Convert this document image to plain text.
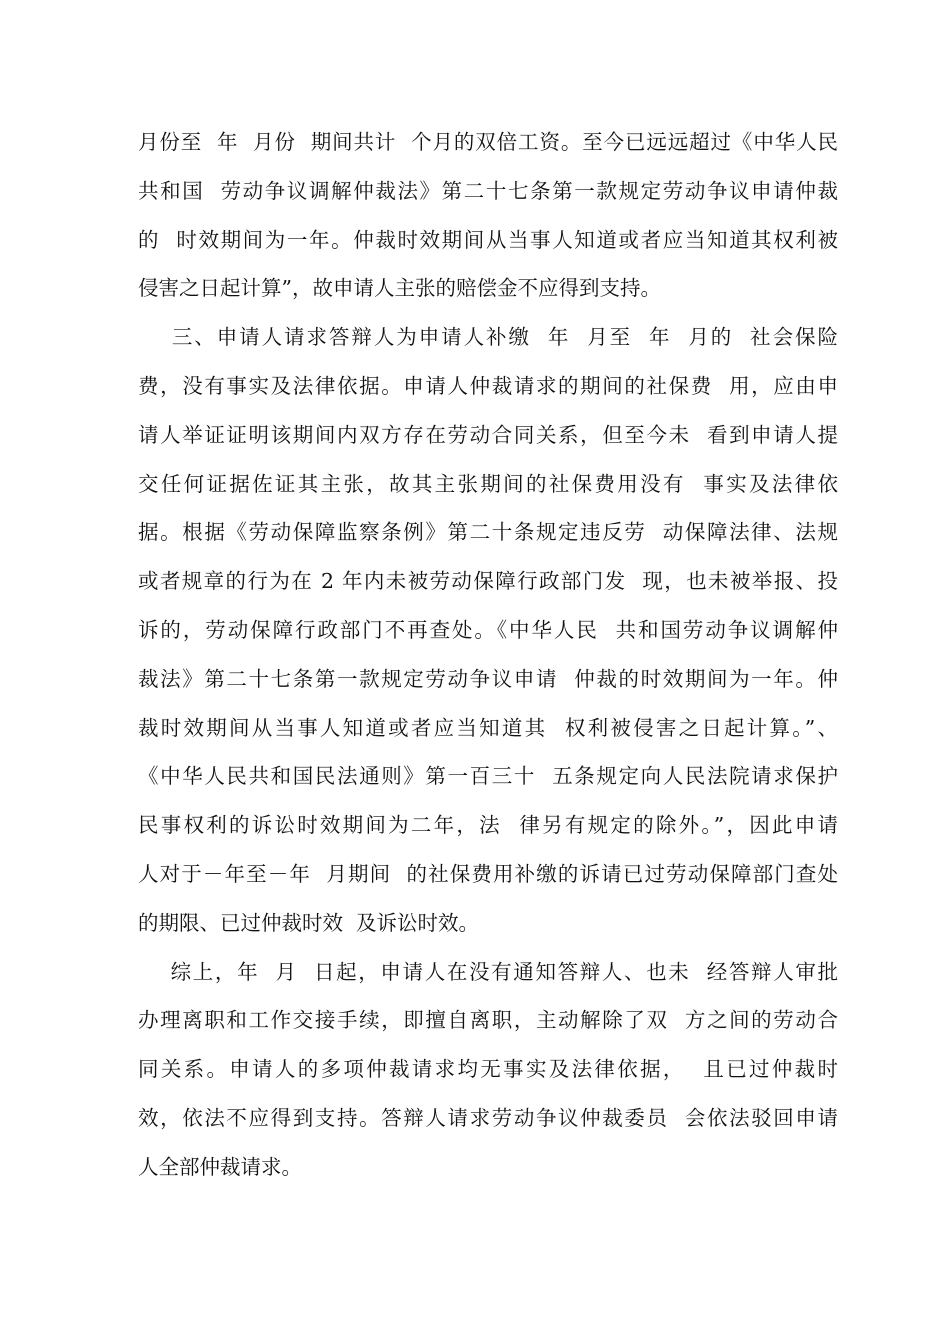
月份至  年  月份  期间共计  个月的双倍工资。至今已远远超过《中华人民
共和国  劳动争议调解仲裁法》第二十七条第一款规定劳动争议申请仲裁
的  时效期间为一年。仲裁时效期间从当事人知道或者应当知道其权利被
侵害之日起计算”，故申请人主张的赔偿金不应得到支持。
三、申请人请求答辩人为申请人补缴  年  月至  年  月的  社会保险
费，没有事实及法律依据。申请人仲裁请求的期间的社保费  用，应由申
请人举证证明该期间内双方存在劳动合同关系，但至今未  看到申请人提
交任何证据佐证其主张，故其主张期间的社保费用没有  事实及法律依
据。根据《劳动保障监察条例》第二十条规定违反劳  动保障法律、法规
或者规章的行为在 2 年内未被劳动保障行政部门发  现，也未被举报、投
诉的，劳动保障行政部门不再查处。《中华人民  共和国劳动争议调解仲
裁法》第二十七条第一款规定劳动争议申请  仲裁的时效期间为一年。仲
裁时效期间从当事人知道或者应当知道其  权利被侵害之日起计算。”、
《中华人民共和国民法通则》第一百三十  五条规定向人民法院请求保护
民事权利的诉讼时效期间为二年，法  律另有规定的除外。”，因此申请
人对于－年至－年  月期间  的社保费用补缴的诉请已过劳动保障部门查处
的期限、已过仲裁时效  及诉讼时效。
综上，年  月  日起，申请人在没有通知答辩人、也未  经答辩人审批
办理离职和工作交接手续，即擅自离职，主动解除了双  方之间的劳动合
同关系。申请人的多项仲裁请求均无事实及法律依据，  且已过仲裁时
效，依法不应得到支持。答辩人请求劳动争议仲裁委员  会依法驳回申请
人全部仲裁请求。
